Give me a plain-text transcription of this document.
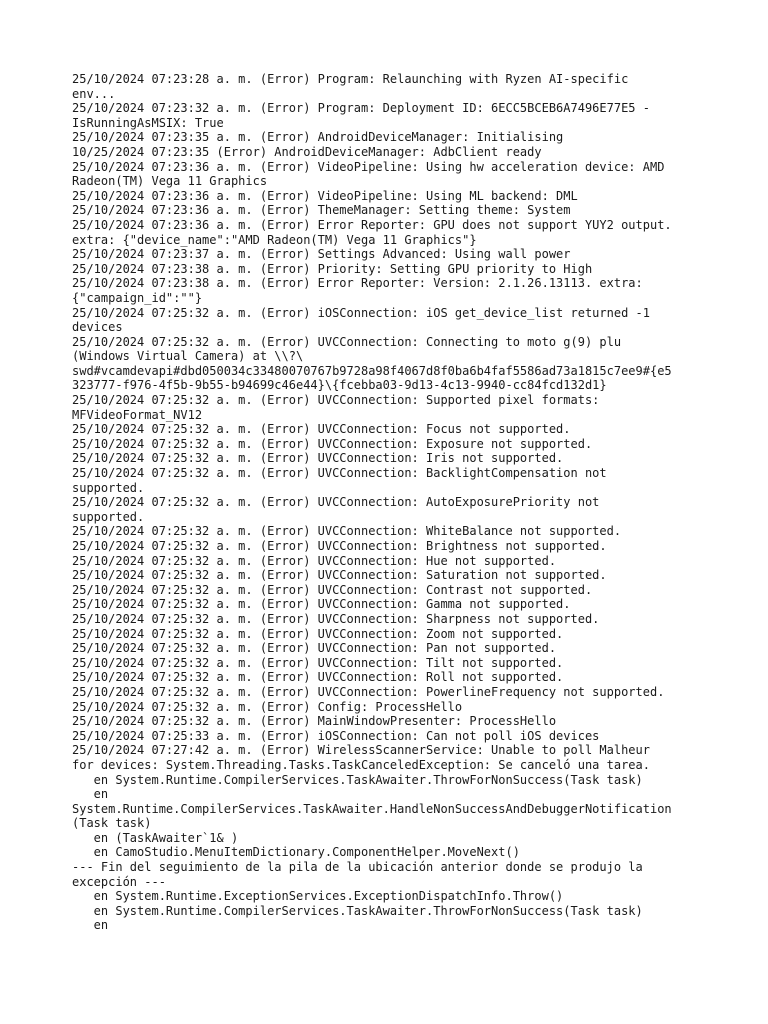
25/10/2024 07:23:28 a. m. (Error) Program: Relaunching with Ryzen AI-specific
env...
25/10/2024 07:23:32 a. m. (Error) Program: Deployment ID: 6ECC5BCEB6A7496E77E5 -
IsRunningAsMSIX: True
25/10/2024 07:23:35 a. m. (Error) AndroidDeviceManager: Initialising
10/25/2024 07:23:35 (Error) AndroidDeviceManager: AdbClient ready
25/10/2024 07:23:36 a. m. (Error) VideoPipeline: Using hw acceleration device: AMD
Radeon(TM) Vega 11 Graphics
25/10/2024 07:23:36 a. m. (Error) VideoPipeline: Using ML backend: DML
25/10/2024 07:23:36 a. m. (Error) ThemeManager: Setting theme: System
25/10/2024 07:23:36 a. m. (Error) Error Reporter: GPU does not support YUY2 output.
extra: {"device_name":"AMD Radeon(TM) Vega 11 Graphics"}
25/10/2024 07:23:37 a. m. (Error) Settings Advanced: Using wall power
25/10/2024 07:23:38 a. m. (Error) Priority: Setting GPU priority to High
25/10/2024 07:23:38 a. m. (Error) Error Reporter: Version: 2.1.26.13113. extra:
{"campaign_id":""}
25/10/2024 07:25:32 a. m. (Error) iOSConnection: iOS get_device_list returned -1
devices
25/10/2024 07:25:32 a. m. (Error) UVCConnection: Connecting to moto g(9) plu
(Windows Virtual Camera) at \\?\
swd#vcamdevapi#dbd050034c33480070767b9728a98f4067d8f0ba6b4faf5586ad73a1815c7ee9#{e5
323777-f976-4f5b-9b55-b94699c46e44}\{fcebba03-9d13-4c13-9940-cc84fcd132d1}
25/10/2024 07:25:32 a. m. (Error) UVCConnection: Supported pixel formats:
MFVideoFormat_NV12
25/10/2024 07:25:32 a. m. (Error) UVCConnection: Focus not supported.
25/10/2024 07:25:32 a. m. (Error) UVCConnection: Exposure not supported.
25/10/2024 07:25:32 a. m. (Error) UVCConnection: Iris not supported.
25/10/2024 07:25:32 a. m. (Error) UVCConnection: BacklightCompensation not
supported.
25/10/2024 07:25:32 a. m. (Error) UVCConnection: AutoExposurePriority not
supported.
25/10/2024 07:25:32 a. m. (Error) UVCConnection: WhiteBalance not supported.
25/10/2024 07:25:32 a. m. (Error) UVCConnection: Brightness not supported.
25/10/2024 07:25:32 a. m. (Error) UVCConnection: Hue not supported.
25/10/2024 07:25:32 a. m. (Error) UVCConnection: Saturation not supported.
25/10/2024 07:25:32 a. m. (Error) UVCConnection: Contrast not supported.
25/10/2024 07:25:32 a. m. (Error) UVCConnection: Gamma not supported.
25/10/2024 07:25:32 a. m. (Error) UVCConnection: Sharpness not supported.
25/10/2024 07:25:32 a. m. (Error) UVCConnection: Zoom not supported.
25/10/2024 07:25:32 a. m. (Error) UVCConnection: Pan not supported.
25/10/2024 07:25:32 a. m. (Error) UVCConnection: Tilt not supported.
25/10/2024 07:25:32 a. m. (Error) UVCConnection: Roll not supported.
25/10/2024 07:25:32 a. m. (Error) UVCConnection: PowerlineFrequency not supported.
25/10/2024 07:25:32 a. m. (Error) Config: ProcessHello
25/10/2024 07:25:32 a. m. (Error) MainWindowPresenter: ProcessHello
25/10/2024 07:25:33 a. m. (Error) iOSConnection: Can not poll iOS devices
25/10/2024 07:27:42 a. m. (Error) WirelessScannerService: Unable to poll Malheur
for devices: System.Threading.Tasks.TaskCanceledException: Se canceló una tarea.
en System.Runtime.CompilerServices.TaskAwaiter.ThrowForNonSuccess(Task task)
en
System.Runtime.CompilerServices.TaskAwaiter.HandleNonSuccessAndDebuggerNotification
(Task task)
en (TaskAwaiter`1& )
en CamoStudio.MenuItemDictionary.ComponentHelper.MoveNext()
--- Fin del seguimiento de la pila de la ubicación anterior donde se produjo la
excepción ---
en System.Runtime.ExceptionServices.ExceptionDispatchInfo.Throw()
en System.Runtime.CompilerServices.TaskAwaiter.ThrowForNonSuccess(Task task)
en
